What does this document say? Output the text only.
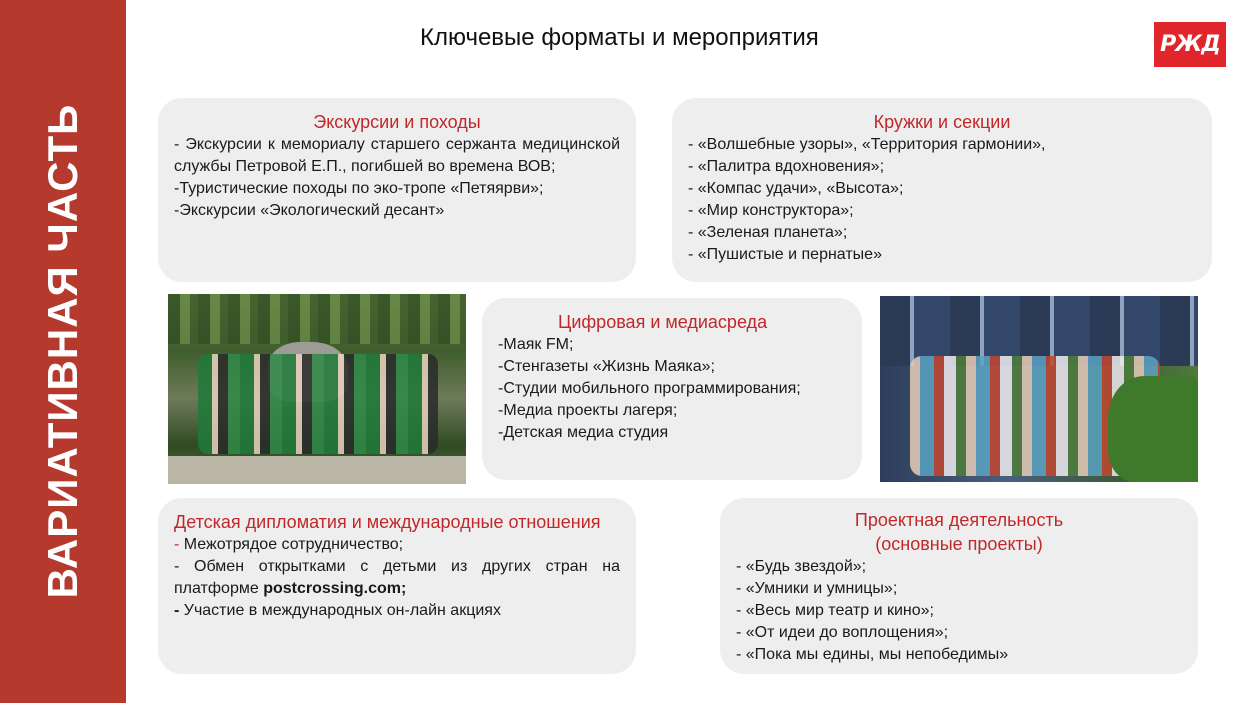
ВАРИАТИВНАЯ ЧАСТЬ
Ключевые форматы и мероприятия	РЖД
Экскурсии и походы

- Экскурсии к мемориалу старшего сержанта медицинской службы Петровой Е.П., погибшей во времена ВОВ;

-Туристические походы по эко-тропе «Петяярви»;

-Экскурсии «Экологический десант»

Кружки и секции

- «Волшебные узоры», «Территория гармонии»,

- «Палитра вдохновения»;

- «Компас удачи», «Высота»;

- «Мир конструктора»;

- «Зеленая планета»;

- «Пушистые и пернатые»

Цифровая и медиасреда

-Маяк FM;

-Стенгазеты «Жизнь Маяка»;

-Студии мобильного программирования;

-Медиа проекты лагеря;

-Детская медиа студия

Детская дипломатия и международные отношения

- Межотрядое сотрудничество;

- Обмен открытками с детьми из других стран на платформе postcrossing.com;

- Участие в международных он-лайн акциях

Проектная деятельность
(основные проекты)

- «Будь звездой»;

- «Умники и умницы»;

- «Весь мир театр и кино»;

- «От идеи до воплощения»;

- «Пока мы едины, мы непобедимы»
